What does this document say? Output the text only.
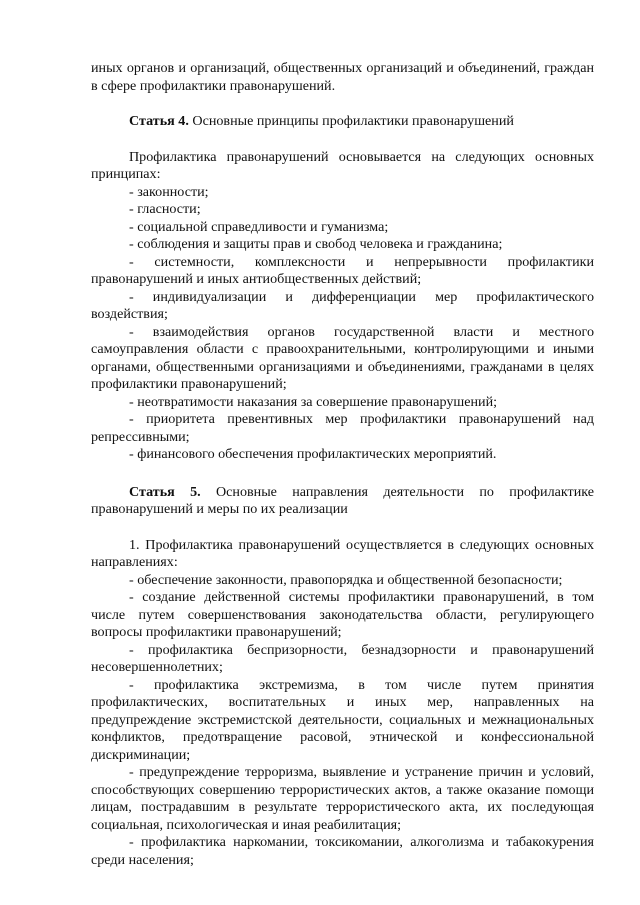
иных органов и организаций, общественных организаций и объединений, граждан в сфере профилактики правонарушений.

Статья 4. Основные принципы профилактики правонарушений

Профилактика правонарушений основывается на следующих основных принципах:

- законности;

- гласности;

- социальной справедливости и гуманизма;

- соблюдения и защиты прав и свобод человека и гражданина;

- системности, комплексности и непрерывности профилактики правонарушений и иных антиобщественных действий;

- индивидуализации и дифференциации мер профилактического воздействия;

- взаимодействия органов государственной власти и местного самоуправления области с правоохранительными, контролирующими и иными органами, общественными организациями и объединениями, гражданами в целях профилактики правонарушений;

- неотвратимости наказания за совершение правонарушений;

- приоритета превентивных мер профилактики правонарушений над репрессивными;

- финансового обеспечения профилактических мероприятий.

Статья 5. Основные направления деятельности по профилактике правонарушений и меры по их реализации

1. Профилактика правонарушений осуществляется в следующих основных направлениях:

- обеспечение законности, правопорядка и общественной безопасности;

- создание действенной системы профилактики правонарушений, в том числе путем совершенствования законодательства области, регулирующего вопросы профилактики правонарушений;

- профилактика беспризорности, безнадзорности и правонарушений несовершеннолетних;

- профилактика экстремизма, в том числе путем принятия профилактических, воспитательных и иных мер, направленных на предупреждение экстремистской деятельности, социальных и межнациональных конфликтов, предотвращение расовой, этнической и конфессиональной дискриминации;

- предупреждение терроризма, выявление и устранение причин и условий, способствующих совершению террористических актов, а также оказание помощи лицам, пострадавшим в результате террористического акта, их последующая социальная, психологическая и иная реабилитация;

- профилактика наркомании, токсикомании, алкоголизма и табакокурения среди населения;
